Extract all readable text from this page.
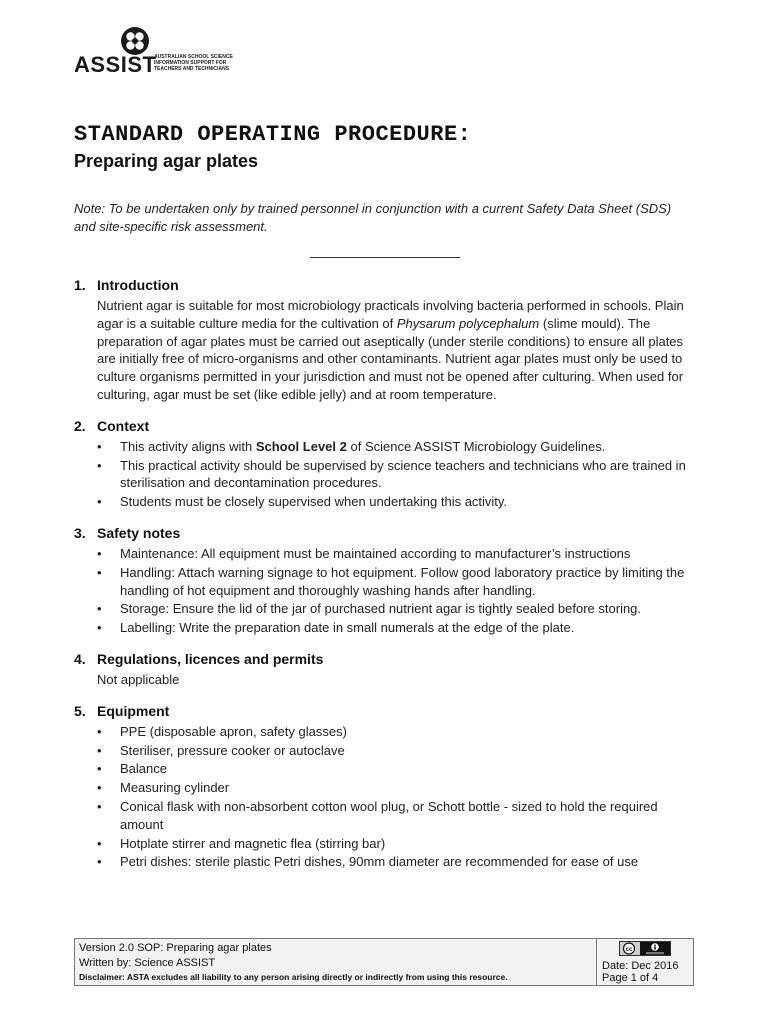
ASSIST
AUSTRALIAN SCHOOL SCIENCE
INFORMATION SUPPORT FOR
TEACHERS AND TECHNICIANS
STANDARD OPERATING PROCEDURE:
Preparing agar plates
Note: To be undertaken only by trained personnel in conjunction with a current Safety Data Sheet (SDS) and site-specific risk assessment.
1. Introduction
Nutrient agar is suitable for most microbiology practicals involving bacteria performed in schools. Plain agar is a suitable culture media for the cultivation of Physarum polycephalum (slime mould). The preparation of agar plates must be carried out aseptically (under sterile conditions) to ensure all plates are initially free of micro-organisms and other contaminants. Nutrient agar plates must only be used to culture organisms permitted in your jurisdiction and must not be opened after culturing. When used for culturing, agar must be set (like edible jelly) and at room temperature.
2. Context
• This activity aligns with School Level 2 of Science ASSIST Microbiology Guidelines.
• This practical activity should be supervised by science teachers and technicians who are trained in sterilisation and decontamination procedures.
• Students must be closely supervised when undertaking this activity.
3. Safety notes
• Maintenance: All equipment must be maintained according to manufacturer’s instructions
• Handling: Attach warning signage to hot equipment. Follow good laboratory practice by limiting the handling of hot equipment and thoroughly washing hands after handling.
• Storage: Ensure the lid of the jar of purchased nutrient agar is tightly sealed before storing.
• Labelling: Write the preparation date in small numerals at the edge of the plate.
4. Regulations, licences and permits
Not applicable
5. Equipment
• PPE (disposable apron, safety glasses)
• Steriliser, pressure cooker or autoclave
• Balance
• Measuring cylinder
• Conical flask with non-absorbent cotton wool plug, or Schott bottle - sized to hold the required amount
• Hotplate stirrer and magnetic flea (stirring bar)
• Petri dishes: sterile plastic Petri dishes, 90mm diameter are recommended for ease of use
Version 2.0 SOP: Preparing agar plates
Written by: Science ASSIST
Disclaimer: ASTA excludes all liability to any person arising directly or indirectly from using this resource.
cc
Date: Dec 2016
Page 1 of 4
